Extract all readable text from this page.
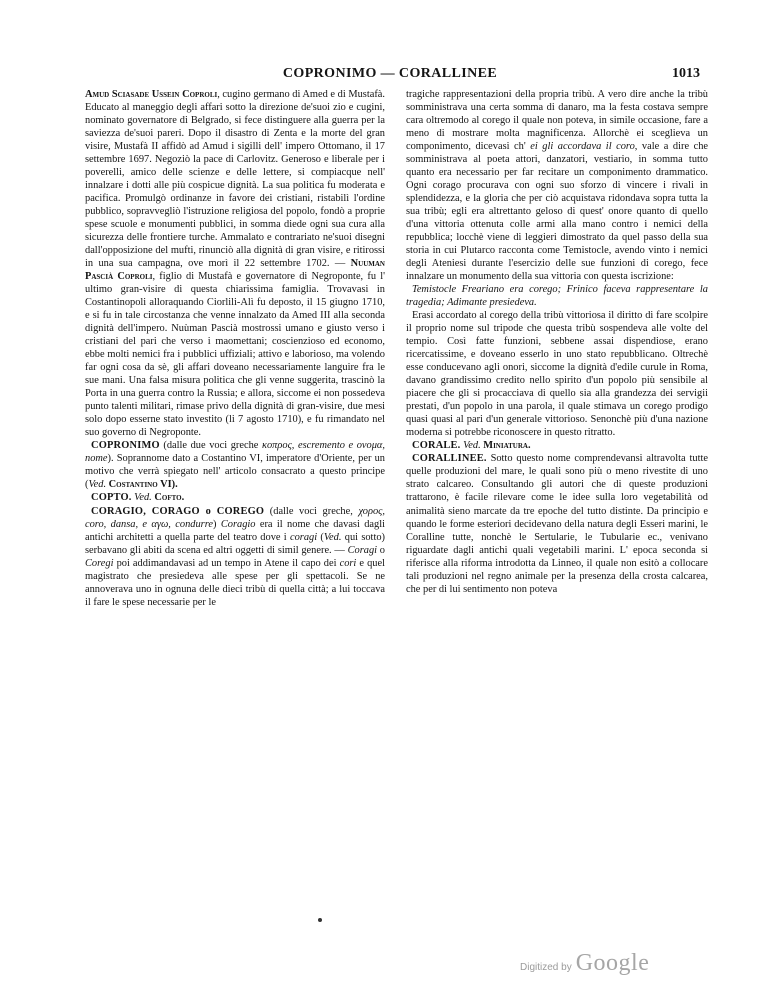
COPRONIMO — CORALLINEE	1013

Amud Sciasade Ussein Coproli, cugino germano di Amed e di Mustafà. Educato al maneggio degli affari sotto la direzione de'suoi zio e cugini, nominato governatore di Belgrado, si fece distinguere alla guerra per la saviezza de'suoi pareri. Dopo il disastro di Zenta e la morte del gran visire, Mustafà II affidò ad Amud i sigilli dell' impero Ottomano, il 17 settembre 1697. Negoziò la pace di Carlovitz. Generoso e liberale per i poverelli, amico delle scienze e delle lettere, si compiacque nell' innalzare i dotti alle più cospicue dignità. La sua politica fu moderata e pacifica. Promulgò ordinanze in favore dei cristiani, ristabilì l'ordine pubblico, sopravvegliò l'istruzione religiosa del popolo, fondò a proprie spese scuole e monumenti pubblici, in somma diede ogni sua cura alla sicurezza delle frontiere turche. Ammalato e contrariato ne'suoi disegni dall'opposizione del mufti, rinunciò alla dignità di gran visire, e ritirossi in una sua campagna, ove morì il 22 settembre 1702. — Nuuman Pascià Coproli, figlio di Mustafà e governatore di Negroponte, fu l' ultimo gran-visire di questa chiarissima famiglia. Trovavasi in Costantinopoli alloraquando Ciorlili-Alì fu deposto, il 15 giugno 1710, e si fu in tale circostanza che venne innalzato da Amed III alla seconda dignità dell'impero. Nuùman Pascià mostrossi umano e giusto verso i cristiani del pari che verso i maomettani; coscienzioso ed economo, ebbe molti nemici fra i pubblici uffiziali; attivo e laborioso, ma volendo far ogni cosa da sè, gli affari doveano necessariamente languire fra le sue mani. Una falsa misura politica che gli venne suggerita, trascinò la Porta in una guerra contro la Russia; e allora, siccome ei non possedeva punto talenti militari, rimase privo della dignità di gran-visire, due mesi solo dopo esserne stato investito (li 7 agosto 1710), e fu rimandato nel suo governo di Negroponte.

COPRONIMO (dalle due voci greche κοπρος, escremento e ονομα, nome). Soprannome dato a Costantino VI, imperatore d'Oriente, per un motivo che verrà spiegato nell' articolo consacrato a questo principe (Ved. Costantino VI).

COPTO. Ved. Cofto.

CORAGIO, CORAGO o COREGO (dalle voci greche, χορος, coro, dansa, e αγω, condurre) Coragio era il nome che davasi dagli antichi architetti a quella parte del teatro dove i coragi (Ved. qui sotto) serbavano gli abiti da scena ed altri oggetti di simil genere. — Coragi o Coregi poi addimandavasi ad un tempo in Atene il capo dei cori e quel magistrato che presiedeva alle spese per gli spettacoli. Se ne annoverava uno in ognuna delle dieci tribù di quella città; a lui toccava il fare le spese necessarie per le

tragiche rappresentazioni della propria tribù. A vero dire anche la tribù somministrava una certa somma di danaro, ma la festa costava sempre cara oltremodo al corego il quale non poteva, in simile occasione, fare a meno di mostrare molta magnificenza. Allorchè ei sceglieva un componimento, dicevasi ch' ei gli accordava il coro, vale a dire che somministrava al poeta attori, danzatori, vestiario, in somma tutto quanto era necessario per far recitare un componimento drammatico. Ogni corago procurava con ogni suo sforzo di vincere i rivali in splendidezza, e la gloria che per ciò acquistava ridondava sopra tutta la sua tribù; egli era altrettanto geloso di quest' onore quanto di quello d'una vittoria ottenuta colle armi alla mano contro i nemici della repubblica; locchè viene di leggieri dimostrato da quel passo della sua storia in cui Plutarco racconta come Temistocle, avendo vinto i nemici degli Ateniesi durante l'esercizio delle sue funzioni di corego, fece innalzare un monumento della sua vittoria con questa iscrizione:

Temistocle Freariano era corego; Frinico faceva rappresentare la tragedia; Adimante presiedeva.

Erasi accordato al corego della tribù vittoriosa il diritto di fare scolpire il proprio nome sul tripode che questa tribù sospendeva alle volte del tempio. Così fatte funzioni, sebbene assai dispendiose, erano ricercatissime, e doveano esserlo in uno stato repubblicano. Oltrechè esse conducevano agli onori, siccome la dignità d'edile curule in Roma, davano grandissimo credito nello spirito d'un popolo più sensibile al piacere che gli si procacciava di quello sia alla grandezza dei servigii prestati, d'un popolo in una parola, il quale stimava un corego prodigo quasi quasi al pari d'un generale vittorioso. Senonchè più d'una nazione moderna si potrebbe riconoscere in questo ritratto.

CORALE. Ved. Miniatura.

CORALLINEE. Sotto questo nome comprendevansi altravolta tutte quelle produzioni del mare, le quali sono più o meno rivestite di uno strato calcareo. Consultando gli autori che di queste produzioni trattarono, è facile rilevare come le idee sulla loro vegetabilità od animalità sieno marcate da tre epoche del tutto distinte. Da principio e quando le forme esteriori decidevano della natura degli Esseri marini, le Coralline tutte, nonchè le Sertularie, le Tubularie ec., venivano riguardate dagli antichi quali vegetabili marini. L' epoca seconda si riferisce alla riforma introdotta da Linneo, il quale non esitò a collocare tali produzioni nel regno animale per la presenza della crosta calcarea, che per di lui sentimento non poteva

Digitized by Google
